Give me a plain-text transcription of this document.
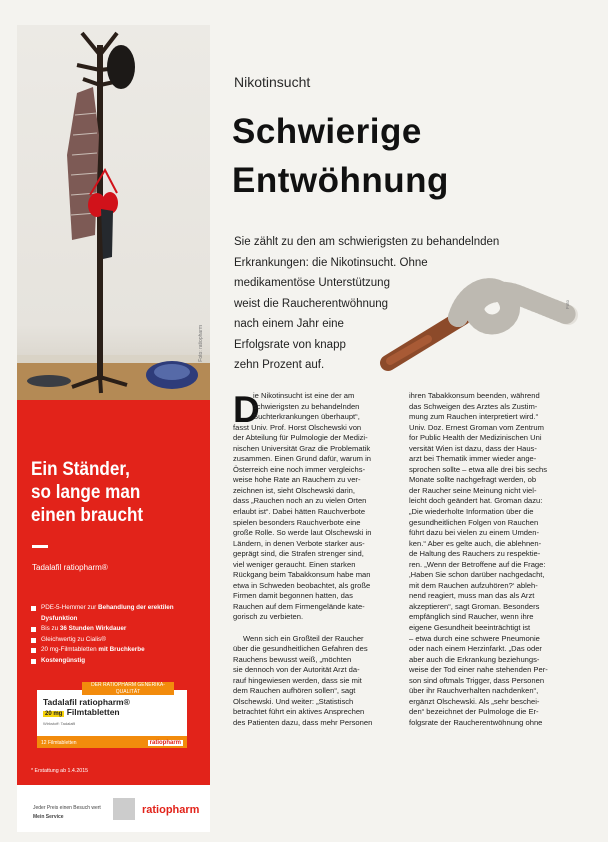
Foto: ratiopharm
Ein Ständer,
so lange man
einen braucht
Tadalafil ratiopharm®
PDE-5-Hemmer zur Behandlung der erektilen Dysfunktion
Bis zu 36 Stunden Wirkdauer
Gleichwertig zu Cialis®
20 mg-Filmtabletten mit Bruchkerbe
Kostengünstig
DER RATIOPHARM GENERIKA-QUALITÄT
Tadalafil ratiopharm®
20 mg Filmtabletten
Wirkstoff: Tadalafil
12 Filmtabletten	ratiopharm
* Erstattung ab 1.4.2015
Jeder Preis einen Besuch wert
Mein Service
ratiopharm
Nikotinsucht
Schwierige
Entwöhnung
Sie zählt zu den am schwierigsten zu behandelnden
Erkrankungen: die Nikotinsucht. Ohne
medikamentöse Unterstützung
weist die Raucherentwöhnung
nach einem Jahr eine
Erfolgsrate von knapp
zehn Prozent auf.
Foto
D
ie Nikotinsucht ist eine der am
schwierigsten zu behandelnden
Suchterkrankungen überhaupt“,
fasst Univ. Prof. Horst Olschewski von
der Abteilung für Pulmologie der Medizi-
nischen Universität Graz die Problematik
zusammen. Einen Grund dafür, warum in
Österreich eine noch immer vergleichs-
weise hohe Rate an Rauchern zu ver-
zeichnen ist, sieht Olschewski darin,
dass „Rauchen noch an zu vielen Orten
erlaubt ist“. Dabei hätten Rauchverbote
spielen besonders Rauchverbote eine
große Rolle. So werde laut Olschewski in
Ländern, in denen Verbote starker aus-
geprägt sind, die Strafen strenger sind,
viel weniger geraucht. Einen starken
Rückgang beim Tabakkonsum habe man
etwa in Schweden beobachtet, als große
Firmen damit begonnen hatten, das
Rauchen auf dem Firmengelände kate-
gorisch zu verbieten.
Wenn sich ein Großteil der Raucher
über die gesundheitlichen Gefahren des
Rauchens bewusst weiß, „möchten
sie dennoch von der Autorität Arzt da-
rauf hingewiesen werden, dass sie mit
dem Rauchen aufhören sollen“, sagt
Olschewski. Und weiter: „Statistisch
betrachtet führt ein aktives Ansprechen
des Patienten dazu, dass mehr Personen
ihren Tabakkonsum beenden, während
das Schweigen des Arztes als Zustim-
mung zum Rauchen interpretiert wird.“
Univ. Doz. Ernest Groman vom Zentrum
for Public Health der Medizinischen Uni
versität Wien ist dazu, dass der Haus-
arzt bei Thematik immer wieder ange-
sprochen sollte – etwa alle drei bis sechs
Monate sollte nachgefragt werden, ob
der Raucher seine Meinung nicht viel-
leicht doch geändert hat. Groman dazu:
„Die wiederholte Information über die
gesundheitlichen Folgen von Rauchen
führt dazu bei vielen zu einem Umden-
ken.“ Aber es gelte auch, die ablehnen-
de Haltung des Rauchers zu respektie-
ren. „Wenn der Betroffene auf die Frage:
‚Haben Sie schon darüber nachgedacht,
mit dem Rauchen aufzuhören?‘ ableh-
nend reagiert, muss man das als Arzt
akzeptieren“, sagt Groman. Besonders
empfänglich sind Raucher, wenn ihre
eigene Gesundheit beeinträchtigt ist
– etwa durch eine schwere Pneumonie
oder nach einem Herzinfarkt. „Das oder
aber auch die Erkrankung beziehungs-
weise der Tod einer nahe stehenden Per-
son sind oftmals Trigger, dass Personen
über ihr Rauchverhalten nachdenken“,
ergänzt Olschewski. Als „sehr beschei-
den“ bezeichnet der Pulmologe die Er-
folgsrate der Raucherentwöhnung ohne
